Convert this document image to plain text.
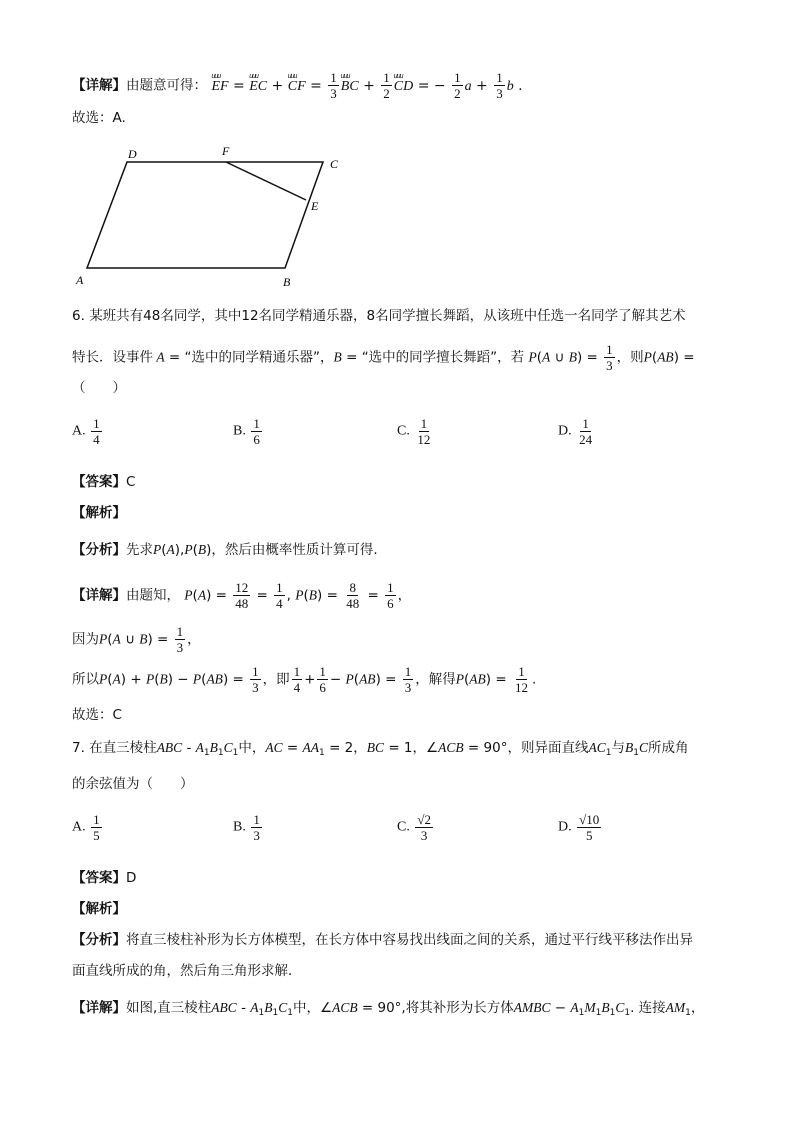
【详解】由题意可得： uuu EF = uuu EC + uuu CF = $\frac{1}{3}$ uuu BC + $\frac{1}{2}$ uuu CD = − $\frac{1}{2}$ $a + \frac{1}{3}$ b .
故选：A.
D	F
C
E
A	B
6. 某班共有48名同学，其中12名同学精通乐器，8名同学擅长舞蹈，从该班中任选一名同学了解其艺术
特长．设事件 A = “选中的同学精通乐器”，B = “选中的同学擅长舞蹈”，若 P(A ∪ $B) = \frac{1}{3}$ ，则P(AB) =
（　　）
A. $\frac{1}{4}$	B. $\frac{1}{6}$	C. $\frac{1}{12}$	D. $\frac{1}{24}$
【答案】C
【解析】
【分析】先求P(A),P(B)，然后由概率性质计算可得.
【详解】由题知， $P(A) = \frac{12}{48} = \frac{1}{4}$ , $P(B) = \frac{8}{48} = \frac{1}{6}$ ，
因为P(A ∪ $B) = \frac{1}{3}$ ，
所以$P(A) + P(B) - P(AB) = \frac{1}{3}$ ，即 $\frac{1}{4} + \frac{1}{6} - P(AB) = \frac{1}{3}$ ，解得$P(AB) = \frac{1}{12}$ .
故选：C
7. 在直三棱柱ABC - $A_1B_1C_1$中，AC = $AA_1 = 2$，BC = 1，∠ACB = 90°，则异面直线$AC_1$与$B_1C$所成角
的余弦值为（　　）
A. $\frac{1}{5}$	B. $\frac{1}{3}$	C. $\frac{√2}{3}$	D. $\frac{√10}{5}$
【答案】D
【解析】
【分析】将直三棱柱补形为长方体模型，在长方体中容易找出线面之间的关系，通过平行线平移法作出异
面直线所成的角，然后角三角形求解．
【详解】如图,直三棱柱ABC - $A_1B_1C_1$中，∠ACB = 90°,将其补形为长方体AMBC − $A_1M_1B_1C_1$. 连接$AM_1$，
